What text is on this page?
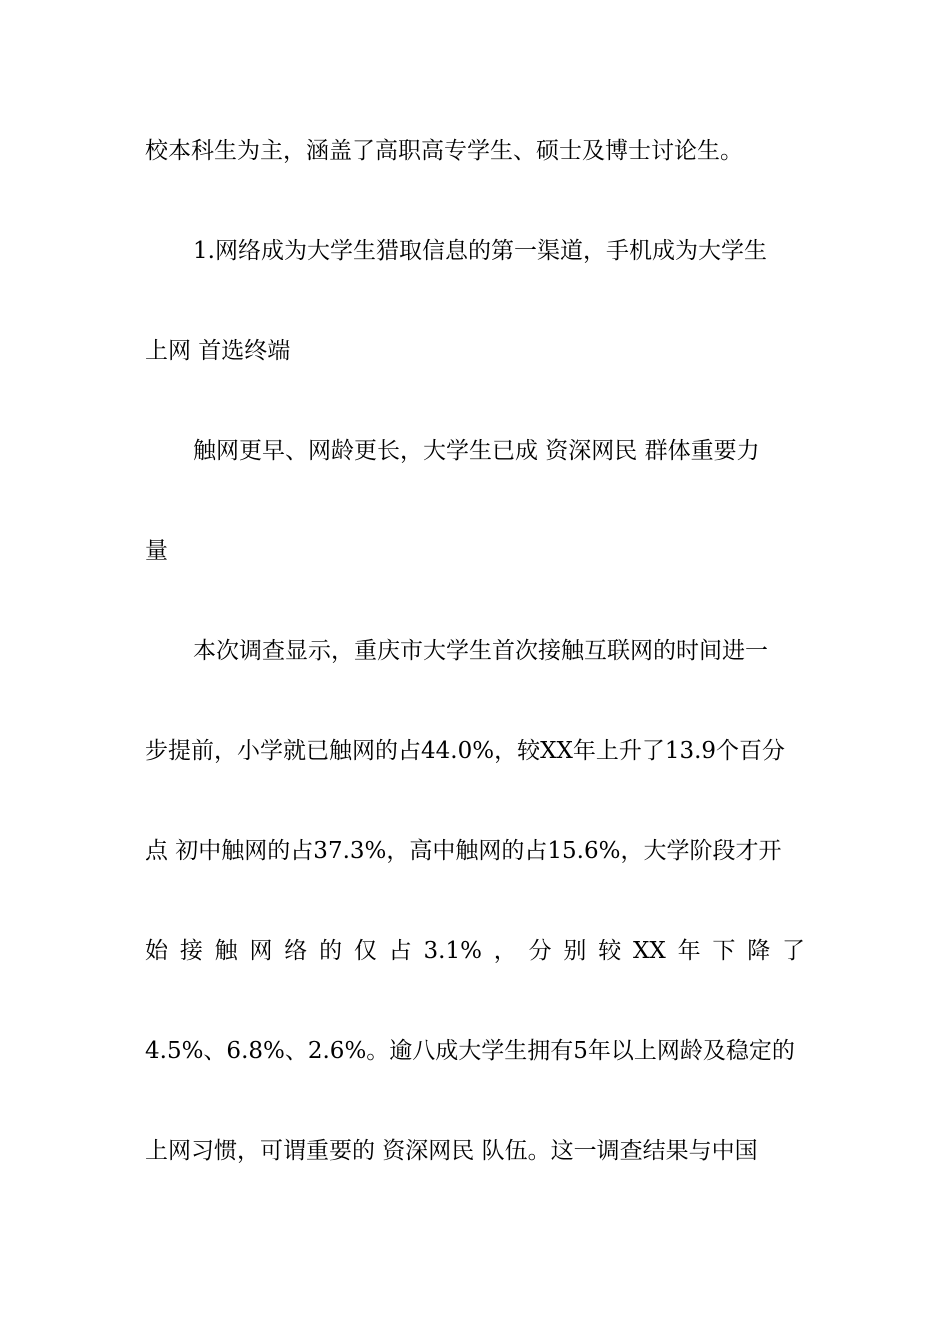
校本科生为主，涵盖了高职高专学生、硕士及博士讨论生。
1.网络成为大学生猎取信息的第一渠道，手机成为大学生
上网 首选终端
触网更早、网龄更长，大学生已成 资深网民 群体重要力
量
本次调查显示，重庆市大学生首次接触互联网的时间进一
步提前，小学就已触网的占44.0%，较XX年上升了13.9个百分
点 初中触网的占37.3%，高中触网的占15.6%，大学阶段才开
始 接 触 网 络 的 仅 占 3.1% ， 分 别 较 XX 年 下 降 了
4.5%、6.8%、2.6%。逾八成大学生拥有5年以上网龄及稳定的
上网习惯，可谓重要的 资深网民 队伍。这一调查结果与中国
